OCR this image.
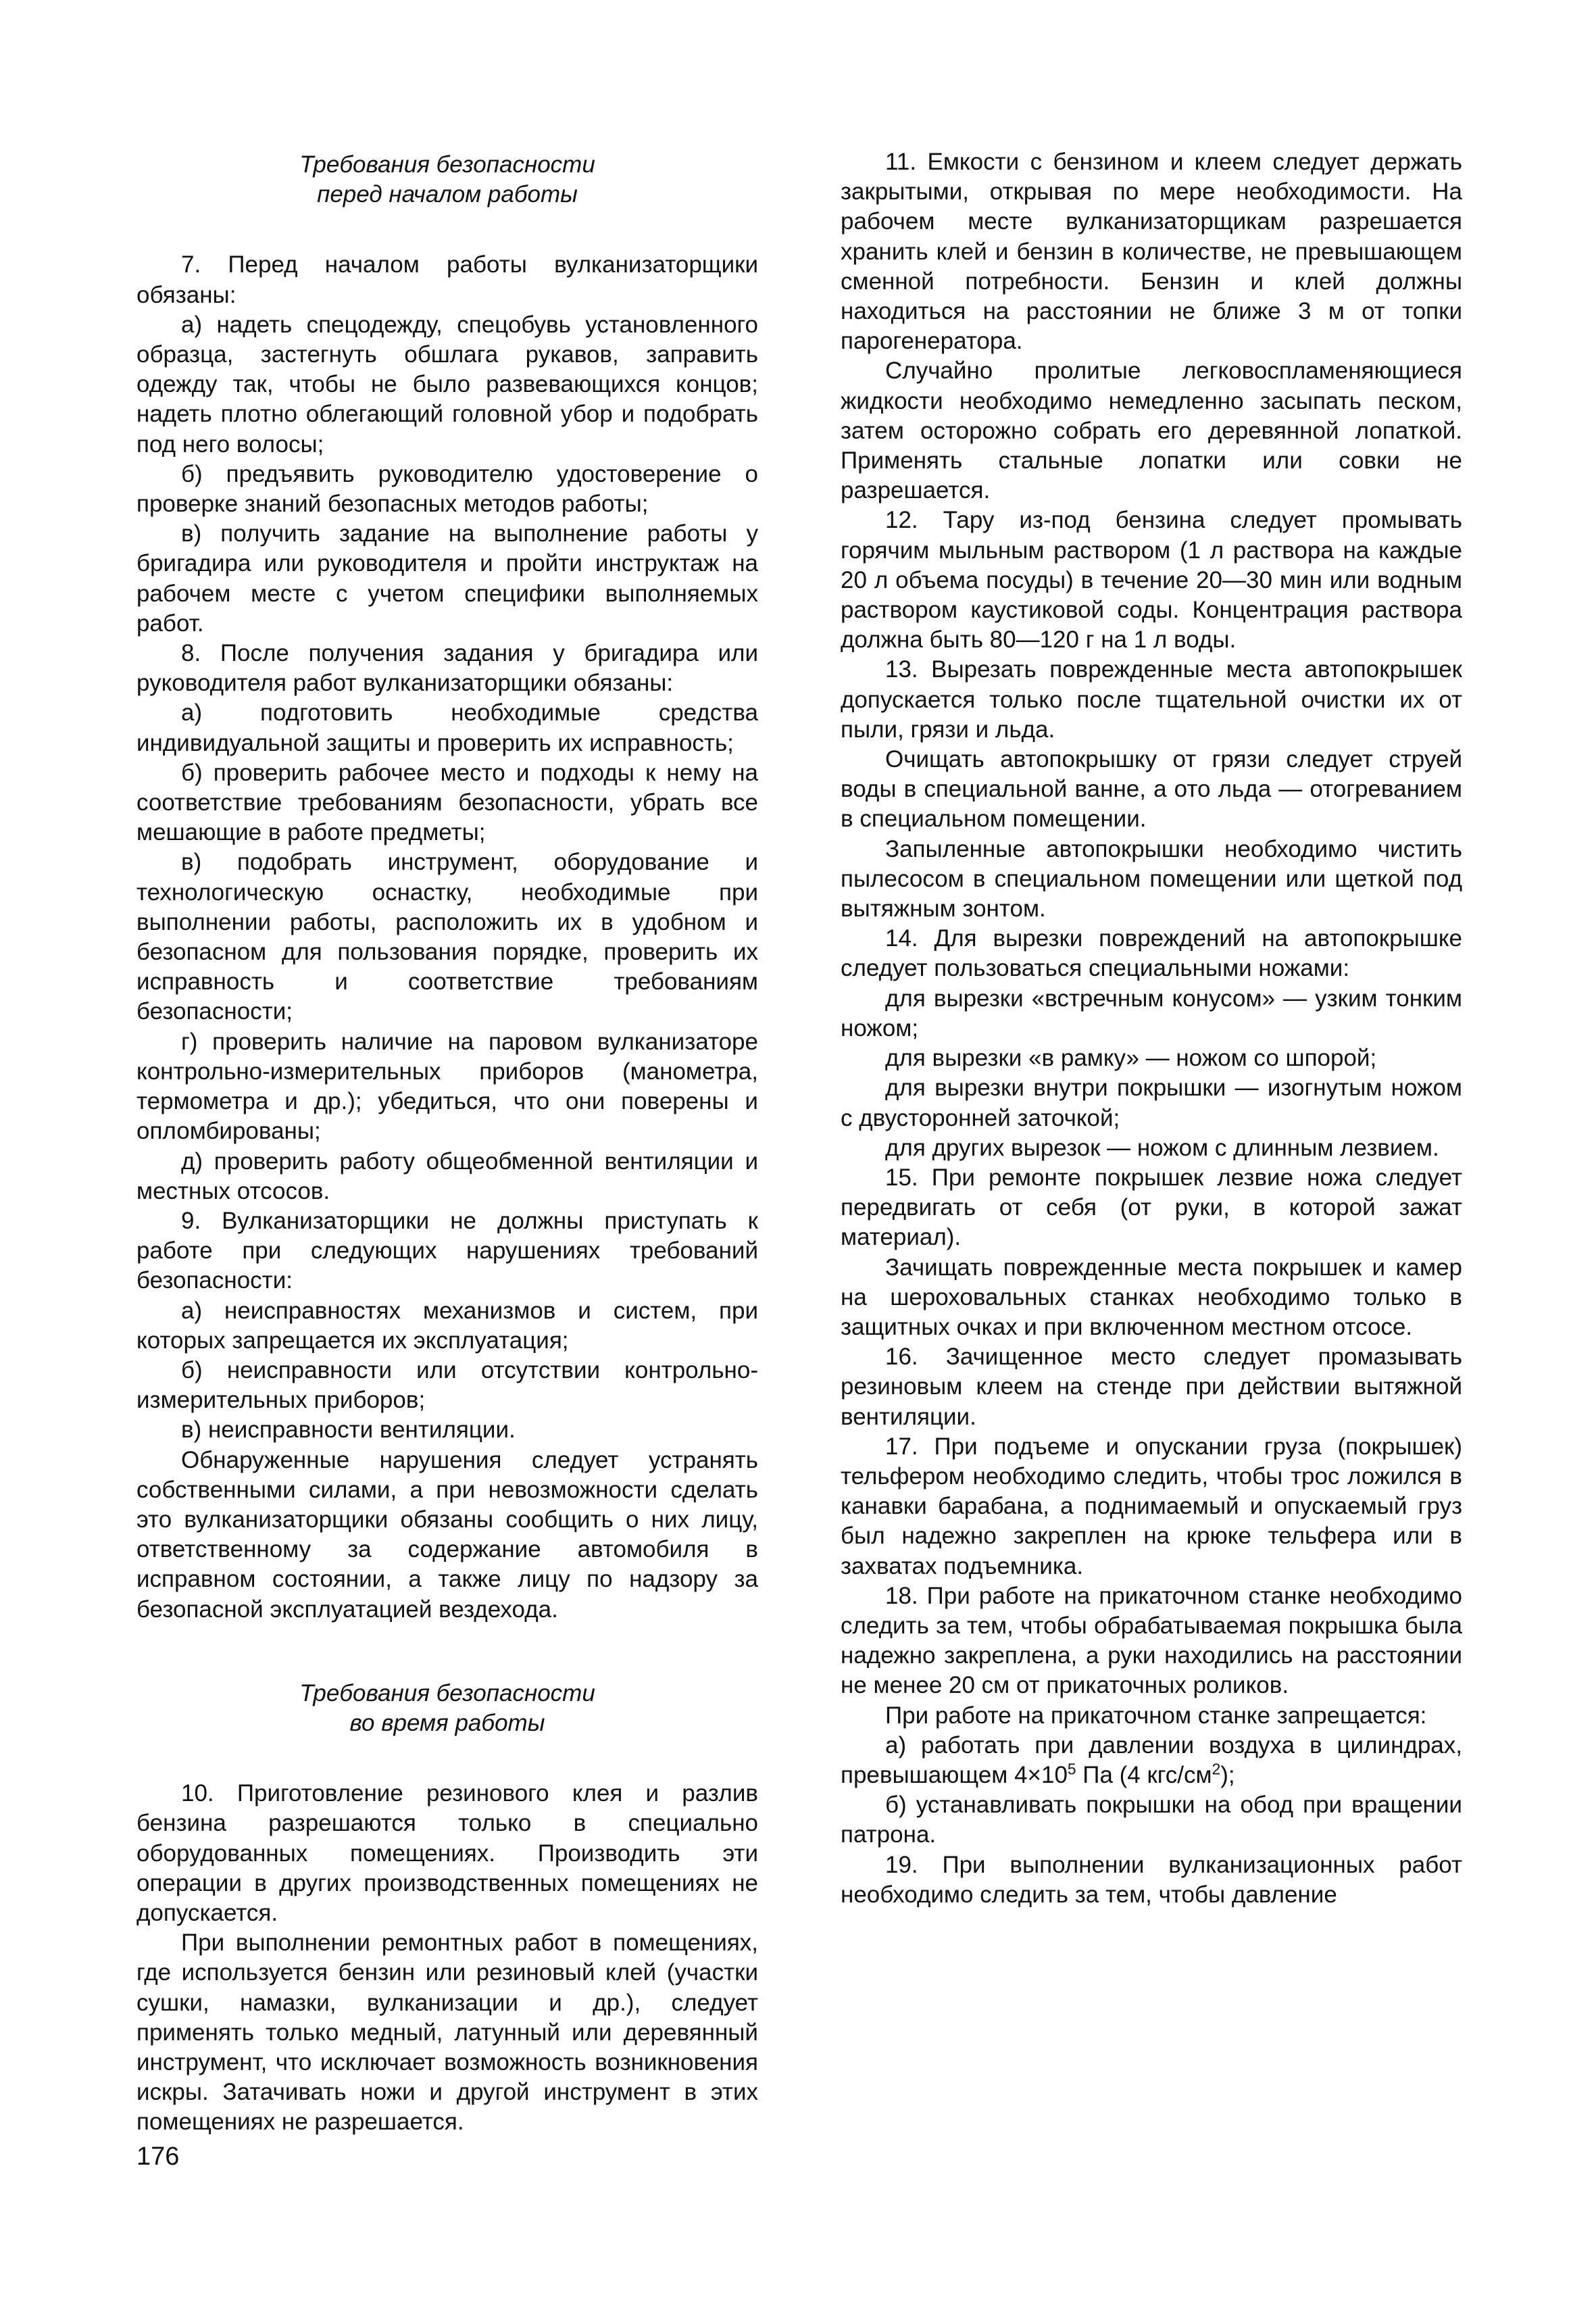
Требования безопасности
перед началом работы

7. Перед началом работы вулканизаторщики обязаны:

а) надеть спецодежду, спецобувь установленного образца, застегнуть обшлага рукавов, заправить одежду так, чтобы не было развевающихся концов; надеть плотно облегающий головной убор и подобрать под него волосы;

б) предъявить руководителю удостоверение о проверке знаний безопасных методов работы;

в) получить задание на выполнение работы у бригадира или руководителя и пройти инструктаж на рабочем месте с учетом специфики выполняемых работ.

8. После получения задания у бригадира или руководителя работ вулканизаторщики обязаны:

а) подготовить необходимые средства индивидуальной защиты и проверить их исправность;

б) проверить рабочее место и подходы к нему на соответствие требованиям безопасности, убрать все мешающие в работе предметы;

в) подобрать инструмент, оборудование и технологическую оснастку, необходимые при выполнении работы, расположить их в удобном и безопасном для пользования порядке, проверить их исправность и соответствие требованиям безопасности;

г) проверить наличие на паровом вулканизаторе контрольно-измерительных приборов (манометра, термометра и др.); убедиться, что они поверены и опломбированы;

д) проверить работу общеобменной вентиляции и местных отсосов.

9. Вулканизаторщики не должны приступать к работе при следующих нарушениях требований безопасности:

а) неисправностях механизмов и систем, при которых запрещается их эксплуатация;

б) неисправности или отсутствии контрольно-измерительных приборов;

в) неисправности вентиляции.

Обнаруженные нарушения следует устранять собственными силами, а при невозможности сделать это вулканизаторщики обязаны сообщить о них лицу, ответственному за содержание автомобиля в исправном состоянии, а также лицу по надзору за безопасной эксплуатацией вездехода.

Требования безопасности
во время работы

10. Приготовление резинового клея и разлив бензина разрешаются только в специально оборудованных помещениях. Производить эти операции в других производственных помещениях не допускается.

При выполнении ремонтных работ в помещениях, где используется бензин или резиновый клей (участки сушки, намазки, вулканизации и др.), следует применять только медный, латунный или деревянный инструмент, что исключает возможность возникновения искры. Затачивать ножи и другой инструмент в этих помещениях не разрешается.

11. Емкости с бензином и клеем следует держать закрытыми, открывая по мере необходимости. На рабочем месте вулканизаторщикам разрешается хранить клей и бензин в количестве, не превышающем сменной потребности. Бензин и клей должны находиться на расстоянии не ближе 3 м от топки парогенератора.

Случайно пролитые легковоспламеняющиеся жидкости необходимо немедленно засыпать песком, затем осторожно собрать его деревянной лопаткой. Применять стальные лопатки или совки не разрешается.

12. Тару из-под бензина следует промывать горячим мыльным раствором (1 л раствора на каждые 20 л объема посуды) в течение 20—30 мин или водным раствором каустиковой соды. Концентрация раствора должна быть 80—120 г на 1 л воды.

13. Вырезать поврежденные места автопокрышек допускается только после тщательной очистки их от пыли, грязи и льда.

Очищать автопокрышку от грязи следует струей воды в специальной ванне, а ото льда — отогреванием в специальном помещении.

Запыленные автопокрышки необходимо чистить пылесосом в специальном помещении или щеткой под вытяжным зонтом.

14. Для вырезки повреждений на автопокрышке следует пользоваться специальными ножами:

для вырезки «встречным конусом» — узким тонким ножом;

для вырезки «в рамку» — ножом со шпорой;

для вырезки внутри покрышки — изогнутым ножом с двусторонней заточкой;

для других вырезок — ножом с длинным лезвием.

15. При ремонте покрышек лезвие ножа следует передвигать от себя (от руки, в которой зажат материал).

Зачищать поврежденные места покрышек и камер на шероховальных станках необходимо только в защитных очках и при включенном местном отсосе.

16. Зачищенное место следует промазывать резиновым клеем на стенде при действии вытяжной вентиляции.

17. При подъеме и опускании груза (покрышек) тельфером необходимо следить, чтобы трос ложился в канавки барабана, а поднимаемый и опускаемый груз был надежно закреплен на крюке тельфера или в захватах подъемника.

18. При работе на прикаточном станке необходимо следить за тем, чтобы обрабатываемая покрышка была надежно закреплена, а руки находились на расстоянии не менее 20 см от прикаточных роликов.

При работе на прикаточном станке запрещается:

а) работать при давлении воздуха в цилиндрах, превышающем $4\times 10^5$ Па (4 кгс/$см^2$);

б) устанавливать покрышки на обод при вращении патрона.

19. При выполнении вулканизационных работ необходимо следить за тем, чтобы давление

176
